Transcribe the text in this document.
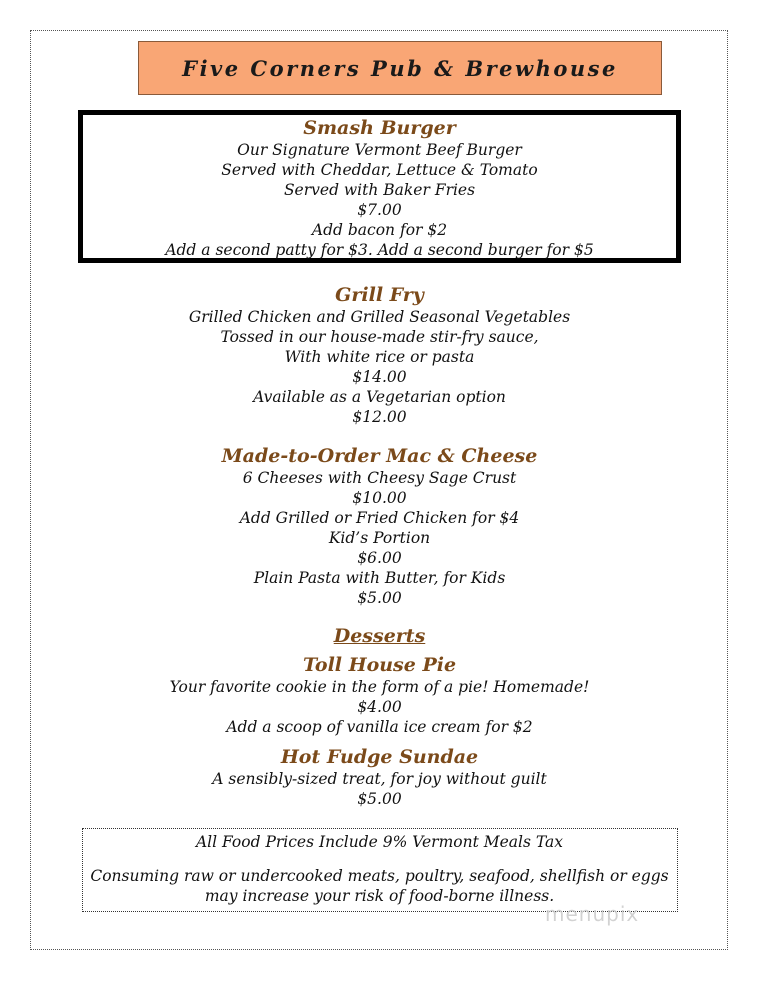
Five Corners Pub & Brewhouse
Smash Burger
Our Signature Vermont Beef Burger
Served with Cheddar, Lettuce & Tomato
Served with Baker Fries
$7.00
Add bacon for $2
Add a second patty for $3. Add a second burger for $5
Grill Fry
Grilled Chicken and Grilled Seasonal Vegetables
Tossed in our house-made stir-fry sauce,
With white rice or pasta
$14.00
Available as a Vegetarian option
$12.00
Made-to-Order Mac & Cheese
6 Cheeses with Cheesy Sage Crust
$10.00
Add Grilled or Fried Chicken for $4
Kid’s Portion
$6.00
Plain Pasta with Butter, for Kids
$5.00
Desserts
Toll House Pie
Your favorite cookie in the form of a pie! Homemade!
$4.00
Add a scoop of vanilla ice cream for $2
Hot Fudge Sundae
A sensibly-sized treat, for joy without guilt
$5.00
All Food Prices Include 9% Vermont Meals Tax
Consuming raw or undercooked meats, poultry, seafood, shellfish or eggs
may increase your risk of food-borne illness.
menupix
